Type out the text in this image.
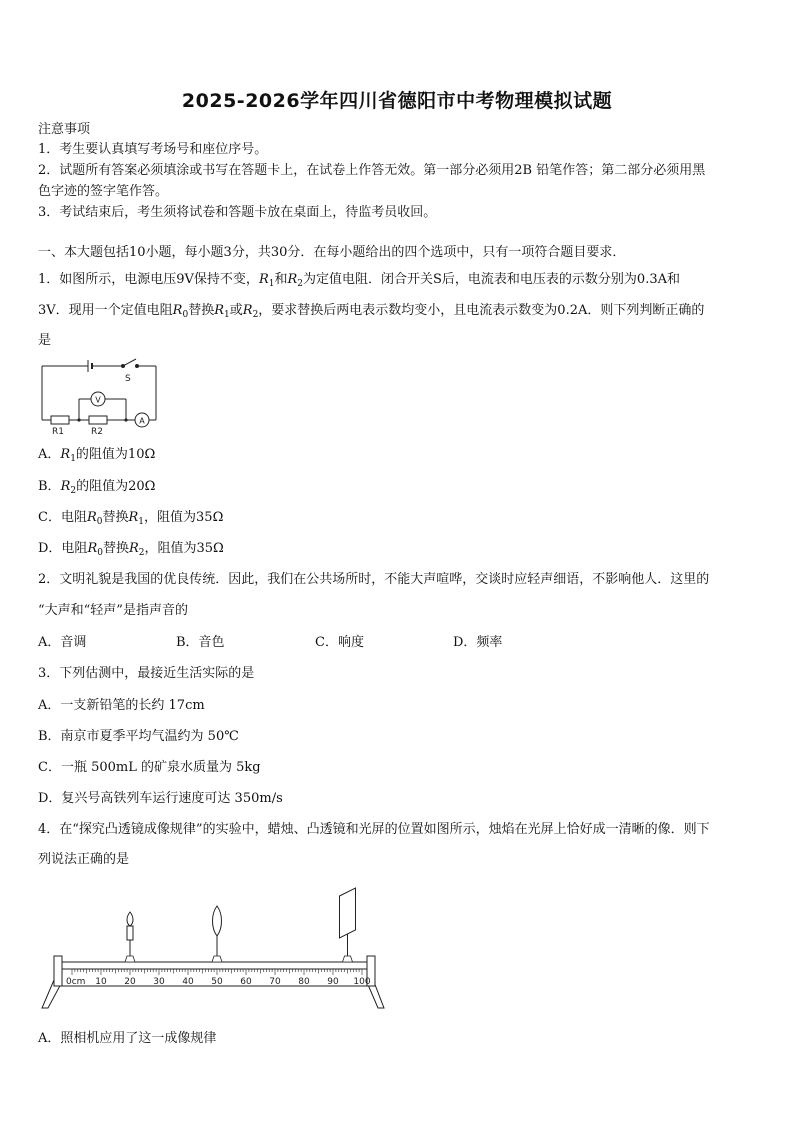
2025-2026学年四川省德阳市中考物理模拟试题
注意事项
1．考生要认真填写考场号和座位序号。
2．试题所有答案必须填涂或书写在答题卡上，在试卷上作答无效。第一部分必须用2B 铅笔作答；第二部分必须用黑
色字迹的签字笔作答。
3．考试结束后，考生须将试卷和答题卡放在桌面上，待监考员收回。
一、本大题包括10小题，每小题3分，共30分．在每小题给出的四个选项中，只有一项符合题目要求．
1．如图所示，电源电压9V保持不变，$R_1$和$R_2$为定值电阻．闭合开关S后，电流表和电压表的示数分别为0.3A和
3V．现用一个定值电阻$R_0$替换$R_1$或$R_2$，要求替换后两电表示数均变小，且电流表示数变为0.2A．则下列判断正确的
是
S
V
A
R1	R2
A．$R_1$的阻值为10Ω
B．$R_2$的阻值为20Ω
C．电阻$R_0$替换$R_1$，阻值为35Ω
D．电阻$R_0$替换$R_2$，阻值为35Ω
2．文明礼貌是我国的优良传统．因此，我们在公共场所时，不能大声喧哗，交谈时应轻声细语，不影响他人．这里的
“大声和“轻声”是指声音的
A．音调	B．音色	C．响度	D．频率
3．下列估测中，最接近生活实际的是
A．一支新铅笔的长约 17cm
B．南京市夏季平均气温约为 50℃
C．一瓶 500mL 的矿泉水质量为 5kg
D．复兴号高铁列车运行速度可达 350m/s
4．在“探究凸透镜成像规律”的实验中，蜡烛、凸透镜和光屏的位置如图所示，烛焰在光屏上恰好成一清晰的像．则下
列说法正确的是
0cm 10 20 30 40 50 60 70 80 90 100
A．照相机应用了这一成像规律
